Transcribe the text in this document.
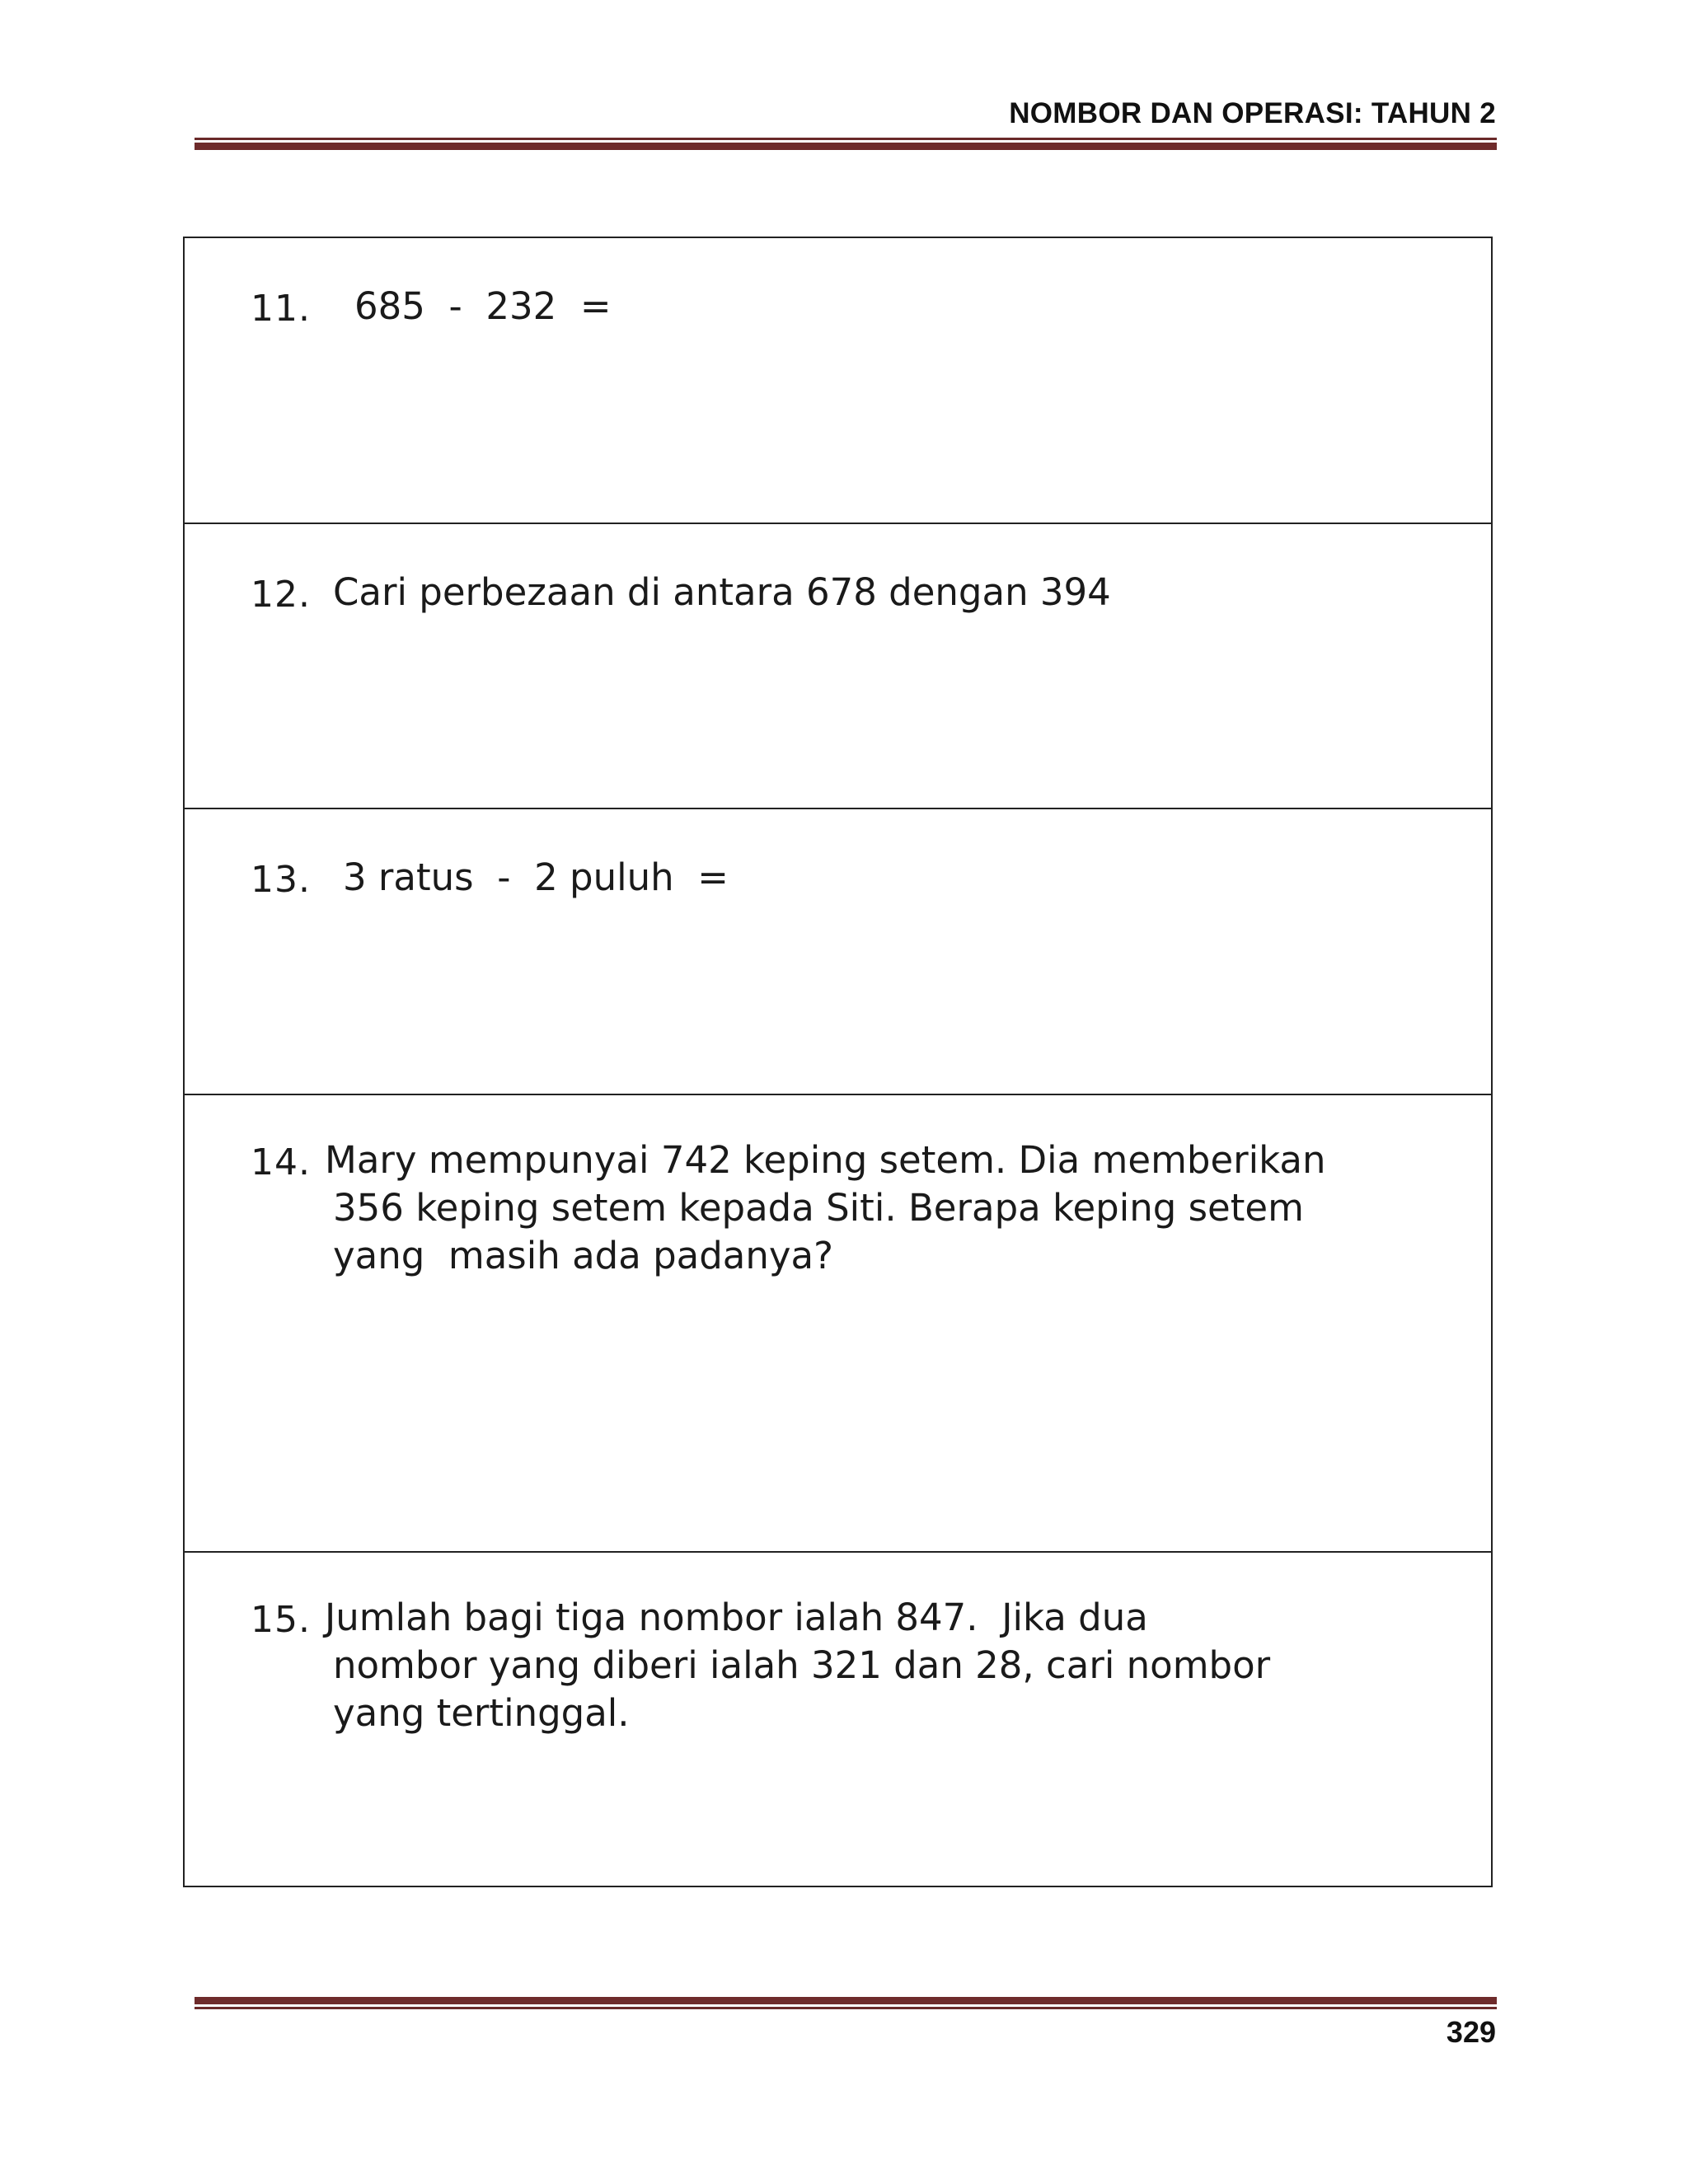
NOMBOR DAN OPERASI: TAHUN 2
11. 685  -  232  =
12. Cari perbezaan di antara 678 dengan 394
13. 3 ratus  -  2 puluh  =
14. Mary mempunyai 742 keping setem. Dia memberikan
356 keping setem kepada Siti. Berapa keping setem
yang  masih ada padanya?
15. Jumlah bagi tiga nombor ialah 847.  Jika dua
nombor yang diberi ialah 321 dan 28, cari nombor
yang tertinggal.
329
